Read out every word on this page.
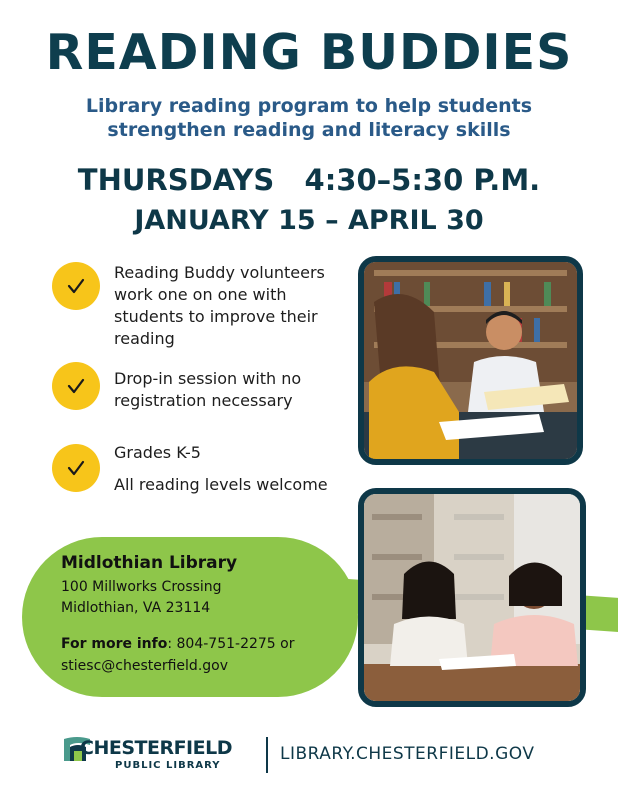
READING BUDDIES
Library reading program to help students
strengthen reading and literacy skills
THURSDAYS   4:30–5:30 P.M.
JANUARY 15 – APRIL 30

Reading Buddy volunteers work one on one with students to improve their reading

Drop-in session with no registration necessary

Grades K-5

All reading levels welcome

Midlothian Library

100 Millworks Crossing
Midlothian, VA 23114

For more info: 804-751-2275 or
stiesc@chesterfield.gov

CHESTERFIELD
PUBLIC LIBRARY
LIBRARY.CHESTERFIELD.GOV
